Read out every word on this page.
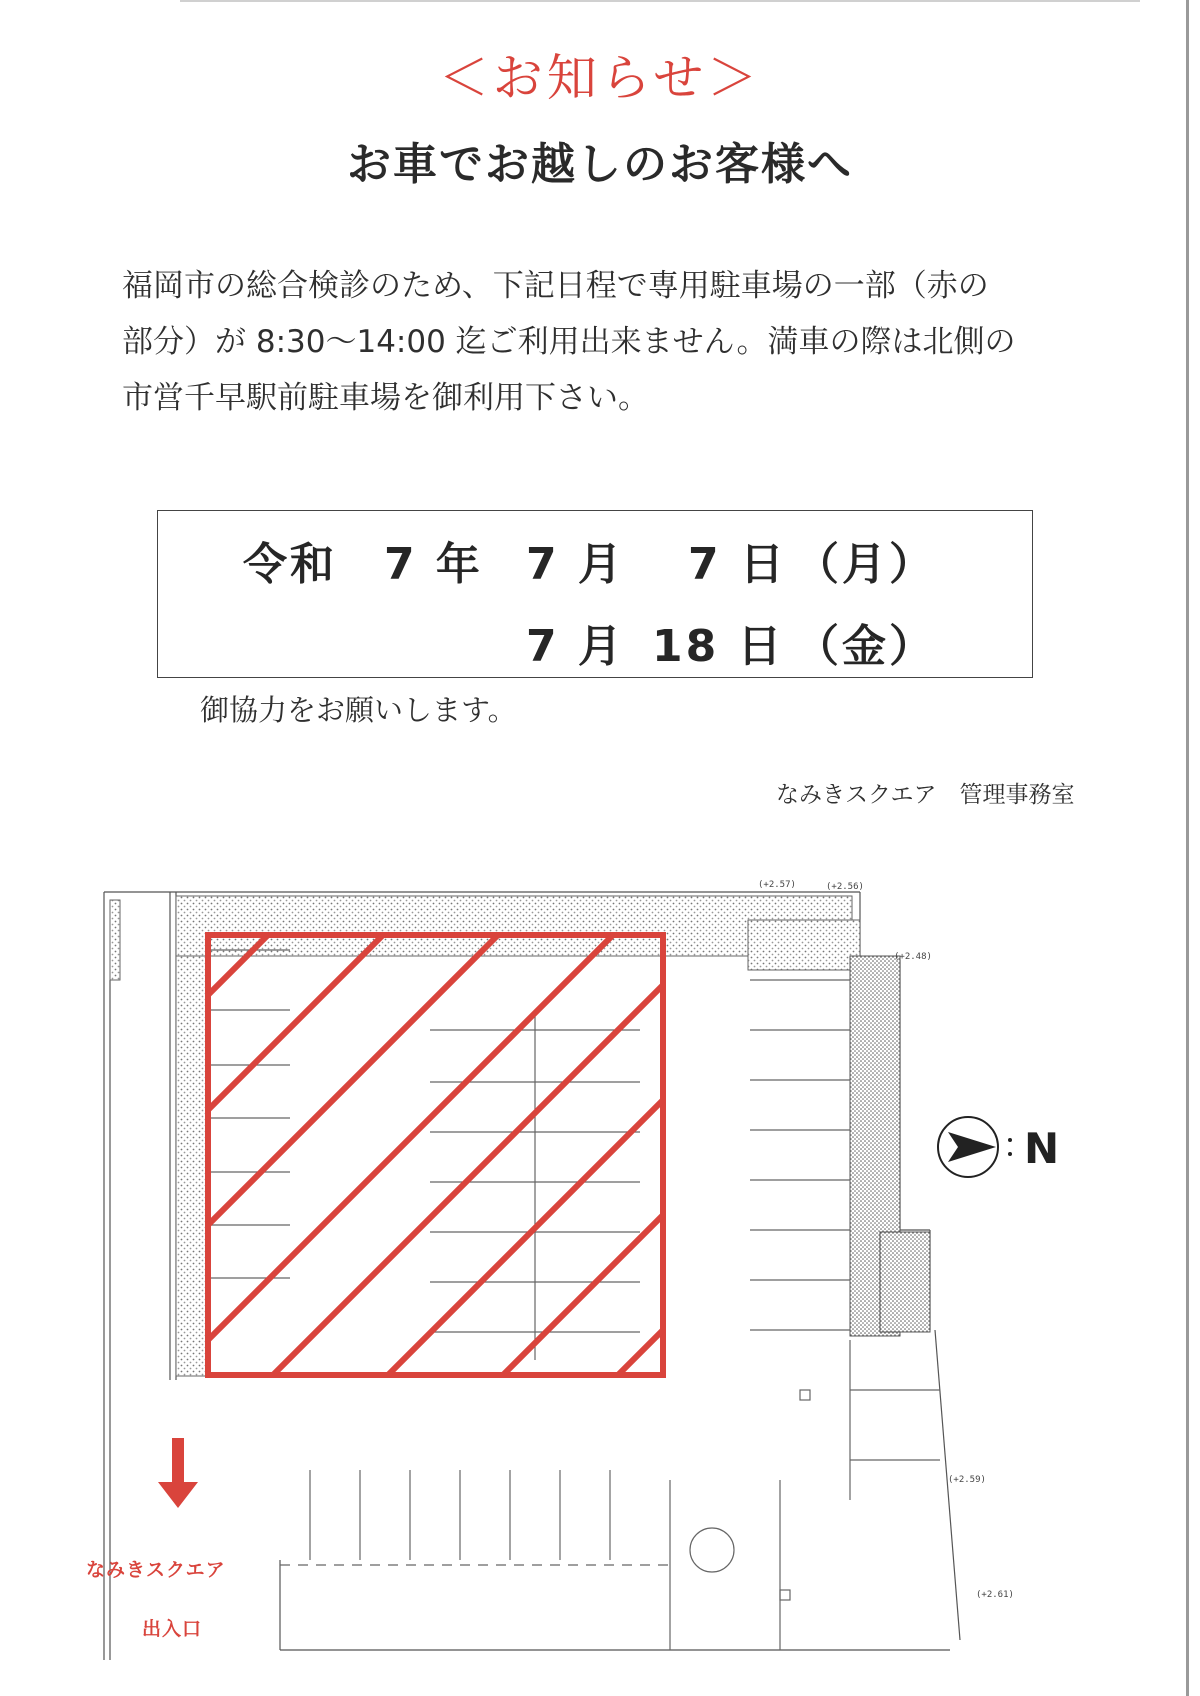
＜お知らせ＞
お車でお越しのお客様へ
福岡市の総合検診のため、下記日程で専用駐車場の一部（赤の
部分）が 8:30～14:00 迄ご利用出来ません。満車の際は北側の
市営千早駅前駐車場を御利用下さい。
令和　7 年 7 月 7 日 （月）
7 月 18 日 （金）
御協力をお願いします。
なみきスクエア　管理事務室
N
なみきスクエア
出入口
(+2.57)	(+2.56)
(+2.48)
(+2.59)
(+2.61)
